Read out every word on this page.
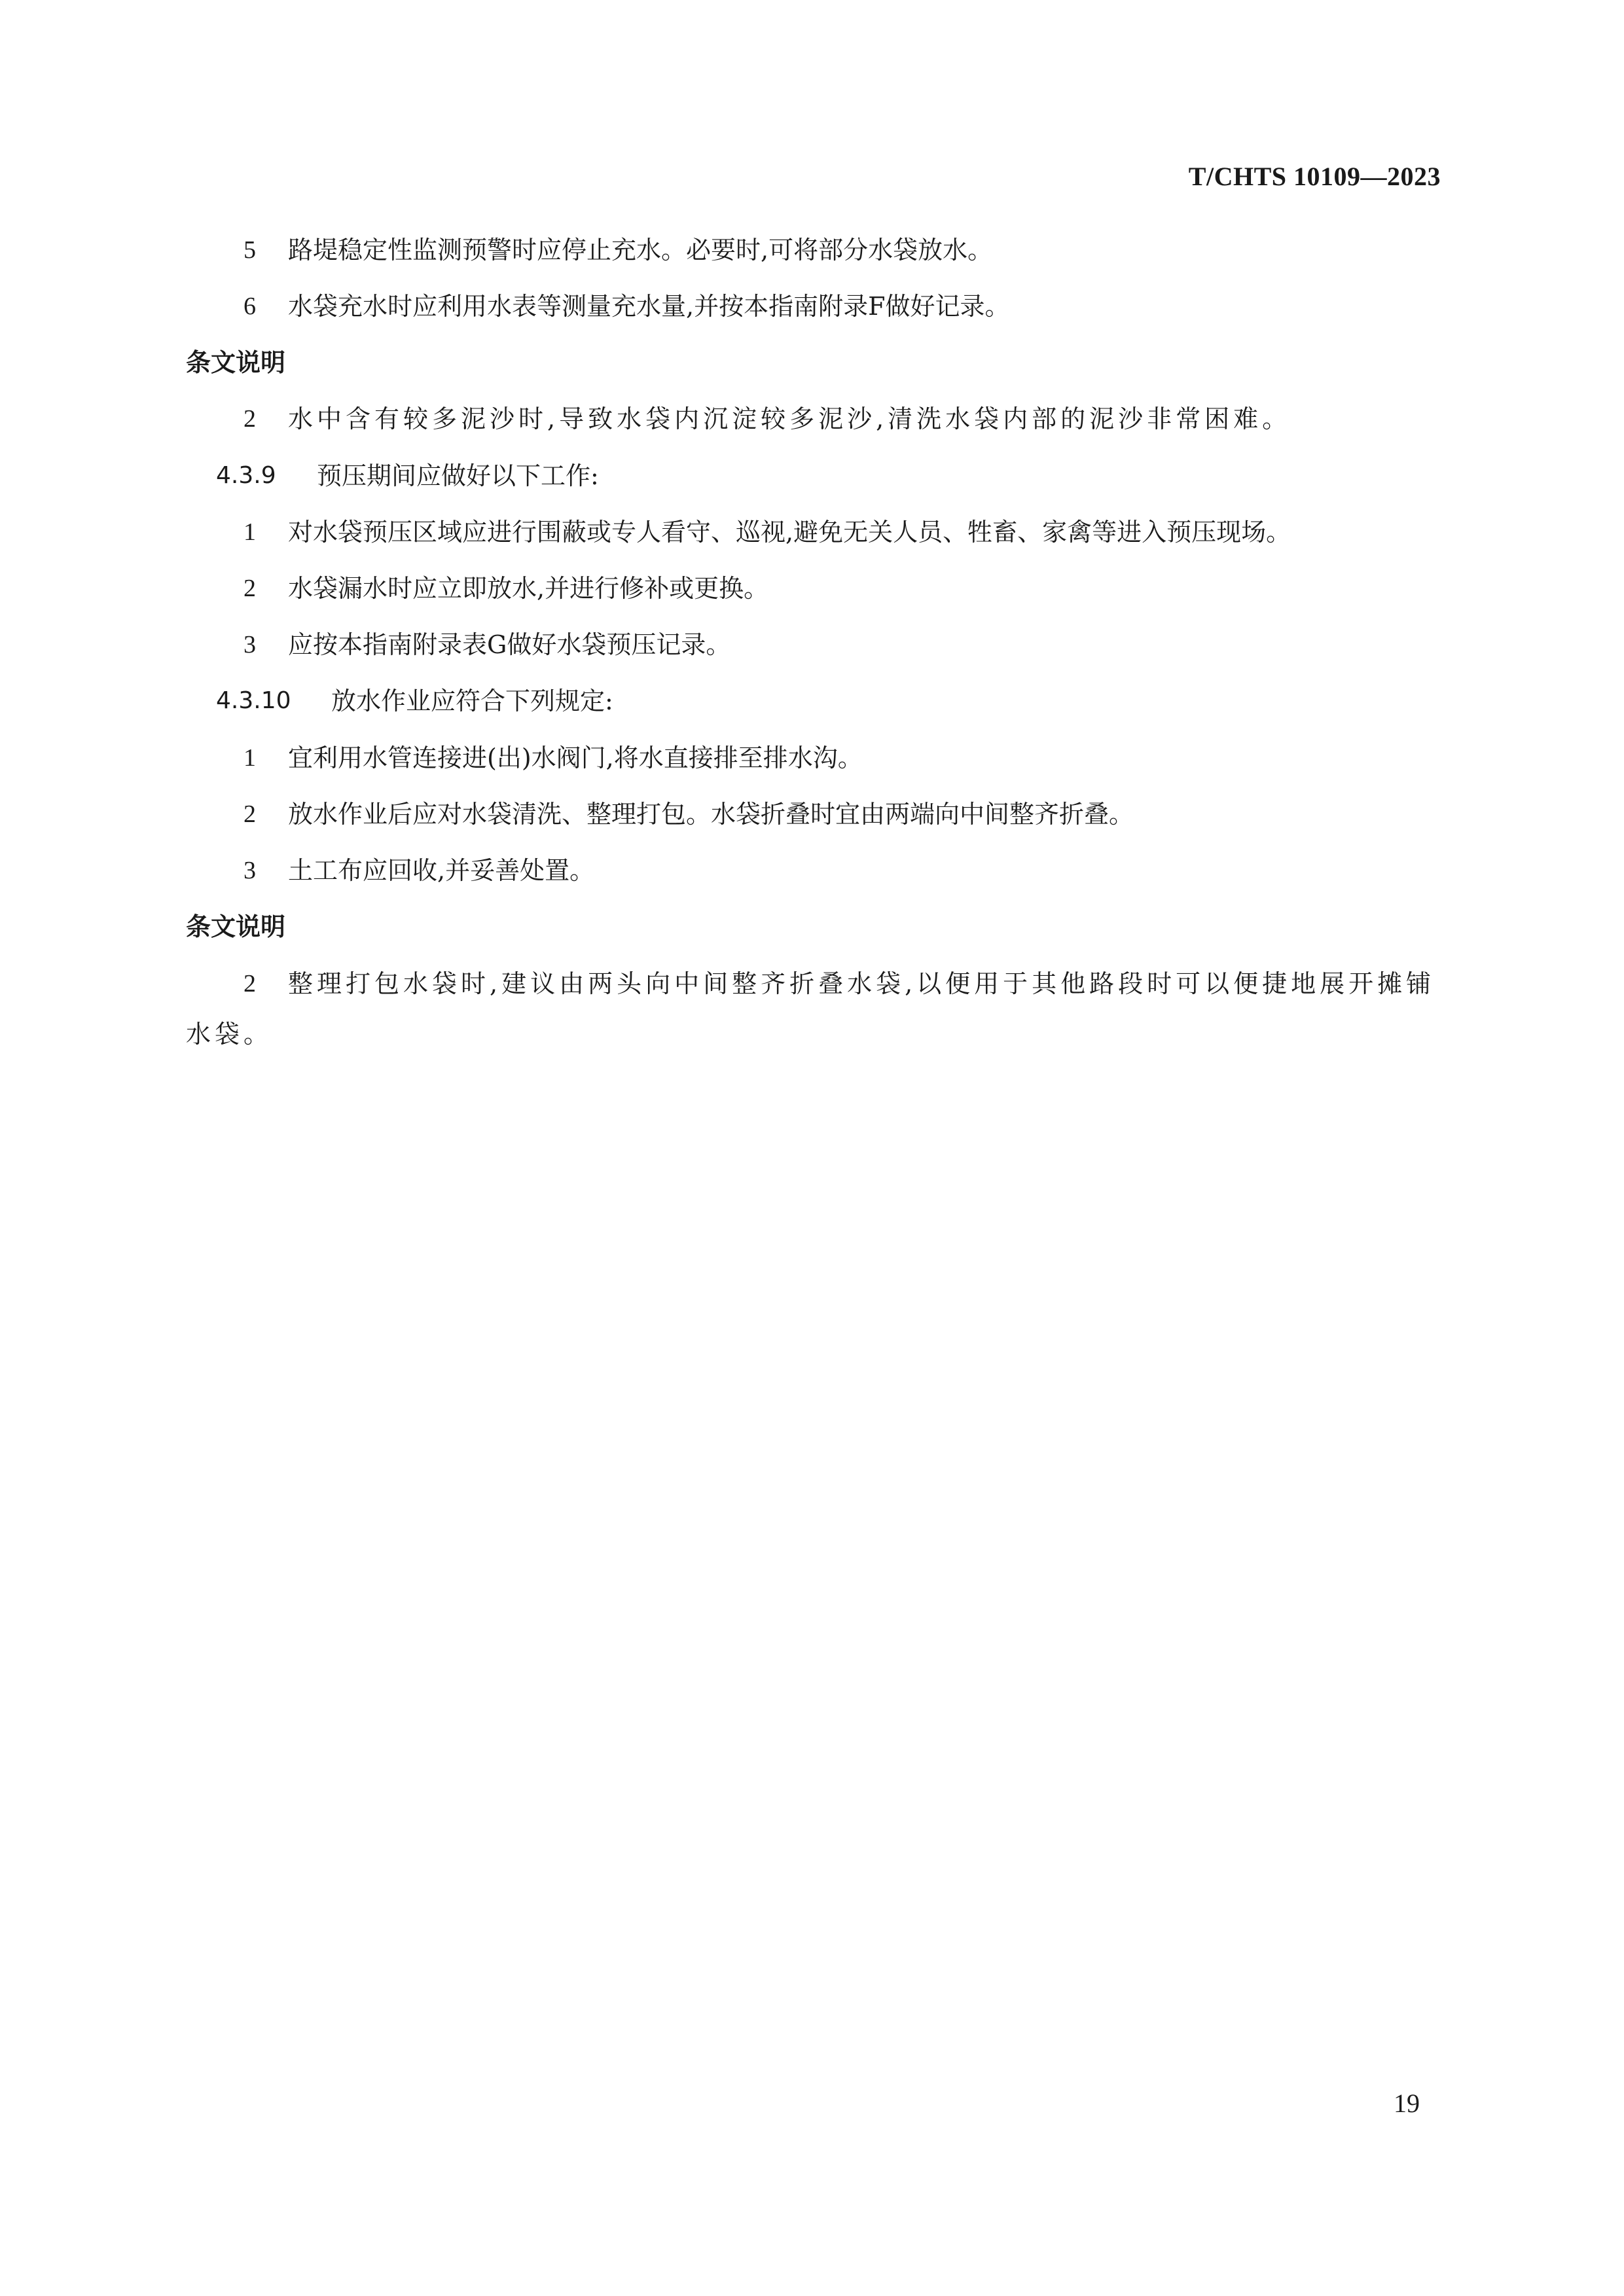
T/CHTS 10109—2023
5 路堤稳定性监测预警时应停止充水。必要时,可将部分水袋放水。
6 水袋充水时应利用水表等测量充水量,并按本指南附录F做好记录。
条文说明
2 水中含有较多泥沙时,导致水袋内沉淀较多泥沙,清洗水袋内部的泥沙非常困难。
4.3.9 预压期间应做好以下工作:
1 对水袋预压区域应进行围蔽或专人看守、巡视,避免无关人员、牲畜、家禽等进入预压现场。
2 水袋漏水时应立即放水,并进行修补或更换。
3 应按本指南附录表G做好水袋预压记录。
4.3.10 放水作业应符合下列规定:
1 宜利用水管连接进(出)水阀门,将水直接排至排水沟。
2 放水作业后应对水袋清洗、整理打包。水袋折叠时宜由两端向中间整齐折叠。
3 土工布应回收,并妥善处置。
条文说明
2 整理打包水袋时,建议由两头向中间整齐折叠水袋,以便用于其他路段时可以便捷地展开摊铺
水袋。
19
